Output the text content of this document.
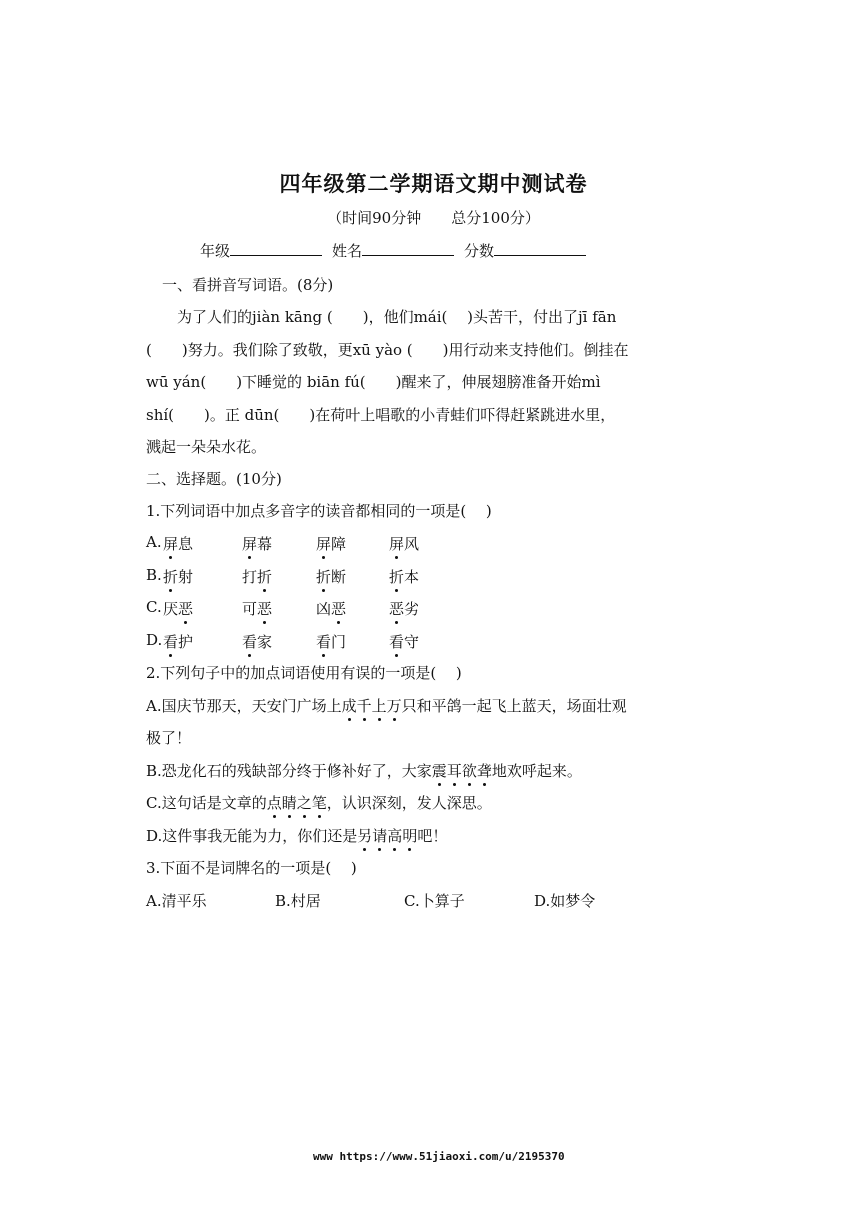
四年级第二学期语文期中测试卷
（时间90分钟　　总分100分）
年级	姓名	分数
一、看拼音写词语。(8分)
为了人们的jiàn kāng (　　)，他们mái(　 )头苦干，付出了jī fān
(　　)努力。我们除了致敬，更xū yào (　　)用行动来支持他们。倒挂在
wū yán(　　)下睡觉的 biān fú(　　)醒来了，伸展翅膀准备开始mì
shí(　　)。正 dūn(　　)在荷叶上唱歌的小青蛙们吓得赶紧跳进水里，
溅起一朵朵水花。
二、选择题。(10分)
1.下列词语中加点多音字的读音都相同的一项是(　 )
A. 屏息	屏幕	屏障	屏风
B. 折射	打折	折断	折本
C. 厌恶	可恶	凶恶	恶劣
D. 看护	看家	看门	看守
2.下列句子中的加点词语使用有误的一项是(　 )
A.国庆节那天，天安门广场上成千上万只和平鸽一起飞上蓝天，场面壮观
极了！
B.恐龙化石的残缺部分终于修补好了，大家震耳欲聋地欢呼起来。
C.这句话是文章的点睛之笔，认识深刻，发人深思。
D.这件事我无能为力，你们还是另请高明吧！
3.下面不是词牌名的一项是(　 )
A.清平乐	B.村居	C.卜算子	D.如梦令
www https://www.51jiaoxi.com/u/2195370
